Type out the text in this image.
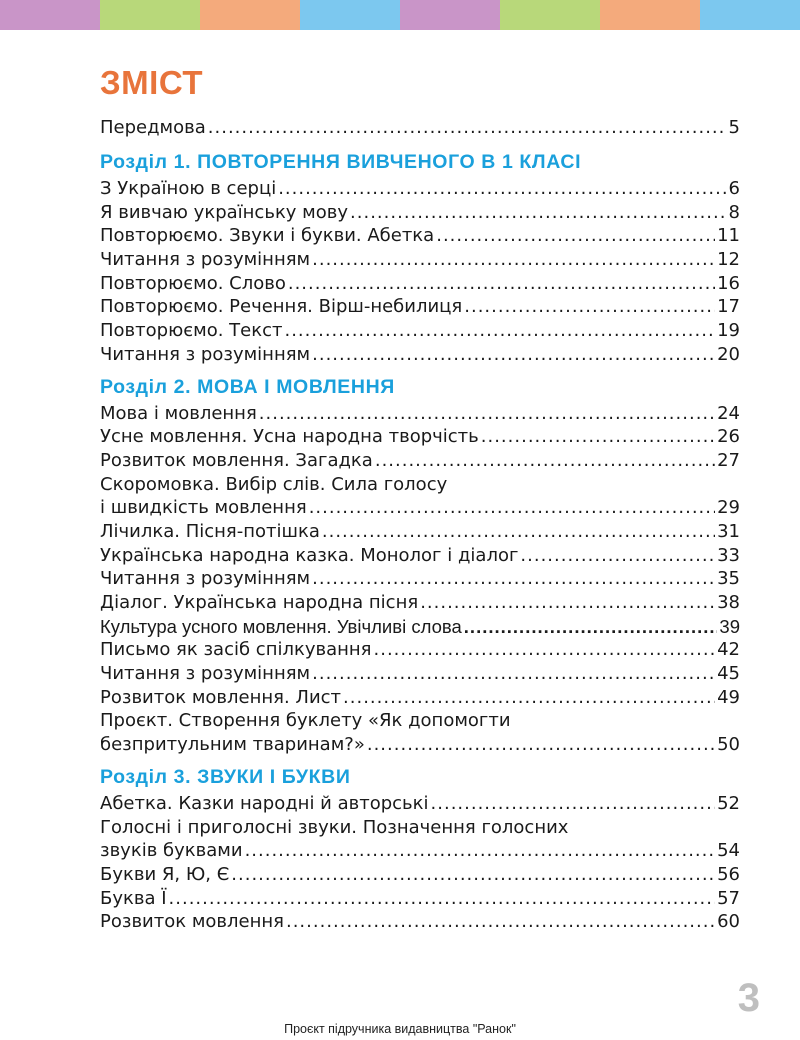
ЗМІСТ
Передмова .....	5
Розділ 1. ПОВТОРЕННЯ ВИВЧЕНОГО В 1 КЛАСІ
З Україною в серці .....	6
Я вивчаю українську мову .....	8
Повторюємо. Звуки і букви. Абетка .....	11
Читання з розумінням .....	12
Повторюємо. Слово .....	16
Повторюємо. Речення. Вірш-небилиця .....	17
Повторюємо. Текст .....	19
Читання з розумінням .....	20
Розділ 2. МОВА І МОВЛЕННЯ
Мова і мовлення .....	24
Усне мовлення. Усна народна творчість .....	26
Розвиток мовлення. Загадка .....	27
Скоромовка. Вибір слів. Сила голосу
і швидкість мовлення .....	29
Лічилка. Пісня-потішка .....	31
Українська народна казка. Монолог і діалог .....	33
Читання з розумінням .....	35
Діалог. Українська народна пісня .....	38
Культура усного мовлення. Увічливі слова .....	39
Письмо як засіб спілкування .....	42
Читання з розумінням .....	45
Розвиток мовлення. Лист .....	49
Проєкт. Створення буклету «Як допомогти
безпритульним тваринам?» .....	50
Розділ 3. ЗВУКИ І БУКВИ
Абетка. Казки народні й авторські .....	52
Голосні і приголосні звуки. Позначення голосних
звуків буквами .....	54
Букви Я, Ю, Є .....	56
Буква Ї .....	57
Розвиток мовлення .....	60
3
Проєкт підручника видавництва "Ранок"
